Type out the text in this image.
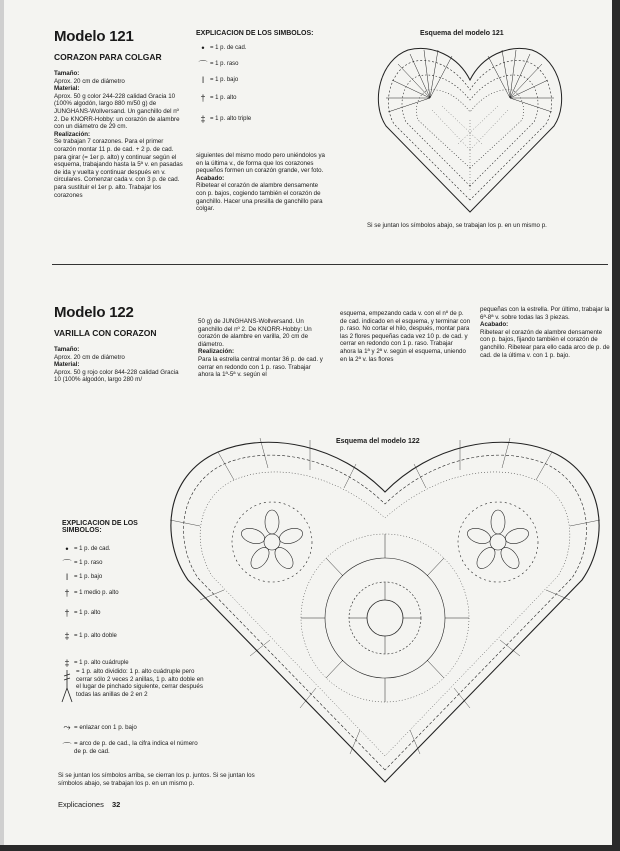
Modelo 121
CORAZON PARA COLGAR
Tamaño:
Aprox. 20 cm de diámetro
Material:
Aprox. 50 g color 244-228 calidad Gracia 10 (100% algodón, largo 880 m/50 g) de JUNGHANS-Wollversand. Un ganchillo del nº 2. De KNORR-Hobby: un corazón de alambre con un diámetro de 29 cm.
Realización:
Se trabajan 7 corazones. Para el primer corazón montar 11 p. de cad. + 2 p. de cad. para girar (= 1er p. alto) y continuar según el esquema, trabajando hasta la 5ª v. en pasadas de ida y vuelta y continuar después en v. circulares. Comenzar cada v. con 3 p. de cad. para sustituir el 1er p. alto. Trabajar los corazones
EXPLICACION DE LOS SIMBOLOS:
• = 1 p. de cad.
⌒ = 1 p. raso
ǀ = 1 p. bajo
† = 1 p. alto
‡ = 1 p. alto triple
siguientes del mismo modo pero uniéndolos ya en la última v., de forma que los corazones pequeños formen un corazón grande, ver foto.
Acabado:
Ribetear el corazón de alambre densamente con p. bajos, cogiendo también el corazón de ganchillo. Hacer una presilla de ganchillo para colgar.
Esquema del modelo 121
Si se juntan los símbolos abajo, se trabajan los p. en un mismo p.
Modelo 122
VARILLA CON CORAZON
Tamaño:
Aprox. 20 cm de diámetro
Material:
Aprox. 50 g rojo color 844-228 calidad Gracia 10 (100% algodón, largo 280 m/
50 g) de JUNGHANS-Wollversand. Un ganchillo del nº 2. De KNORR-Hobby: Un corazón de alambre en varilla, 20 cm de diámetro.
Realización:
Para la estrella central montar 36 p. de cad. y cerrar en redondo con 1 p. raso. Trabajar ahora la 1ª-5ª v. según el
esquema, empezando cada v. con el nº de p. de cad. indicado en el esquema, y terminar con p. raso. No cortar el hilo, después, montar para las 2 flores pequeñas cada vez 10 p. de cad. y cerrar en redondo con 1 p. raso. Trabajar ahora la 1ª y 2ª v. según el esquema, uniendo en la 2ª v. las flores
pequeñas con la estrella. Por último, trabajar la 6ª-8ª v. sobre todas las 3 piezas.
Acabado:
Ribetear el corazón de alambre densamente con p. bajos, fijando también el corazón de ganchillo. Ribetear para ello cada arco de p. de cad. de la última v. con 1 p. bajo.
Esquema del modelo 122
EXPLICACION DE LOS SIMBOLOS:
• = 1 p. de cad.
⌒ = 1 p. raso
ǀ = 1 p. bajo
† = 1 medio p. alto
† = 1 p. alto
‡ = 1 p. alto doble
‡ = 1 p. alto cuádruple
= 1 p. alto dividido: 1 p. alto cuádruple pero cerrar sólo 2 veces 2 anillas, 1 p. alto doble en el lugar de pinchado siguiente, cerrar después todas las anillas de 2 en 2
⤳ = enlazar con 1 p. bajo
⌒ = arco de p. de cad., la cifra indica el número de p. de cad.
Si se juntan los símbolos arriba, se cierran los p. juntos. Si se juntan los símbolos abajo, se trabajan los p. en un mismo p.
Explicaciones 32
